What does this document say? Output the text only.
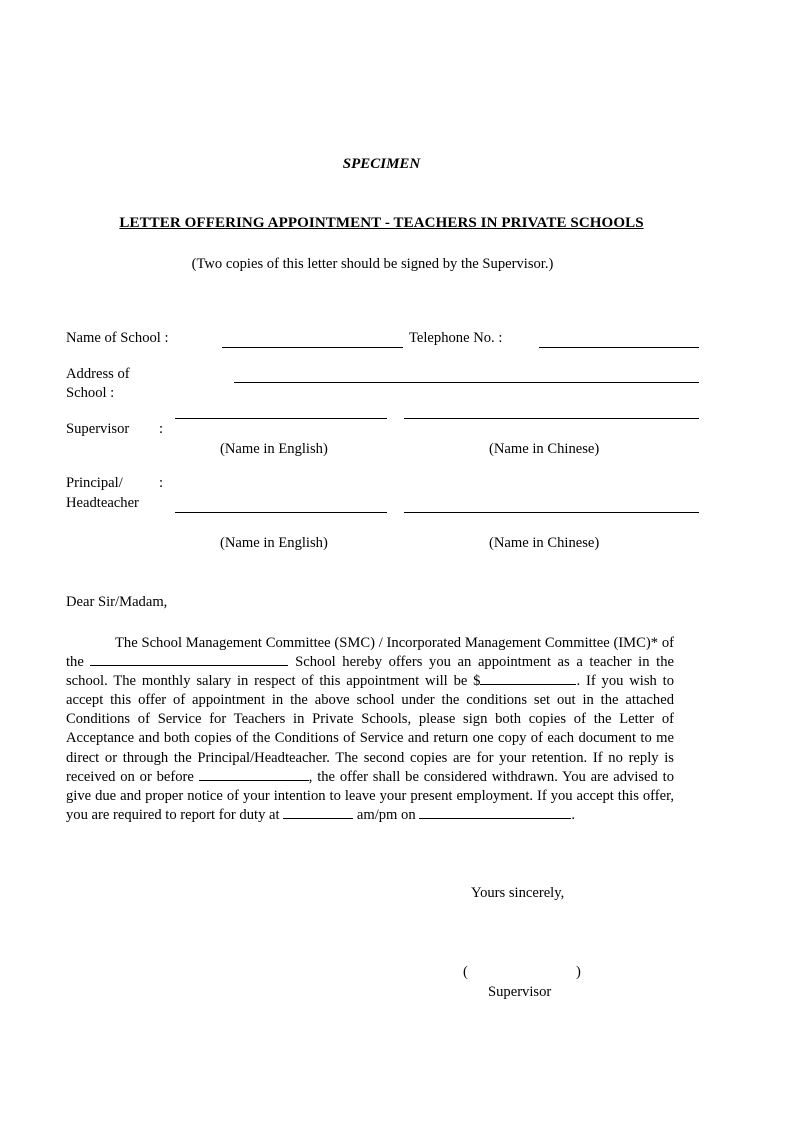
SPECIMEN
LETTER OFFERING APPOINTMENT - TEACHERS IN PRIVATE SCHOOLS
(Two copies of this letter should be signed by the Supervisor.)
Name of School :	Telephone No. :
Address of
School :
Supervisor :
(Name in English)	(Name in Chinese)
Principal/ :
Headteacher
(Name in English)	(Name in Chinese)
Dear Sir/Madam,
The School Management Committee (SMC) / Incorporated Management Committee (IMC)* of the	School hereby offers you an appointment as a teacher in the school. The monthly salary in respect of this appointment will be $	. If you wish to accept this offer of appointment in the above school under the conditions set out in the attached Conditions of Service for Teachers in Private Schools, please sign both copies of the Letter of Acceptance and both copies of the Conditions of Service and return one copy of each document to me direct or through the Principal/Headteacher. The second copies are for your retention. If no reply is received on or before	, the offer shall be considered withdrawn. You are advised to give due and proper notice of your intention to leave your present employment. If you accept this offer, you are required to report for duty at	am/pm on	.
Yours sincerely,
(	)
Supervisor
